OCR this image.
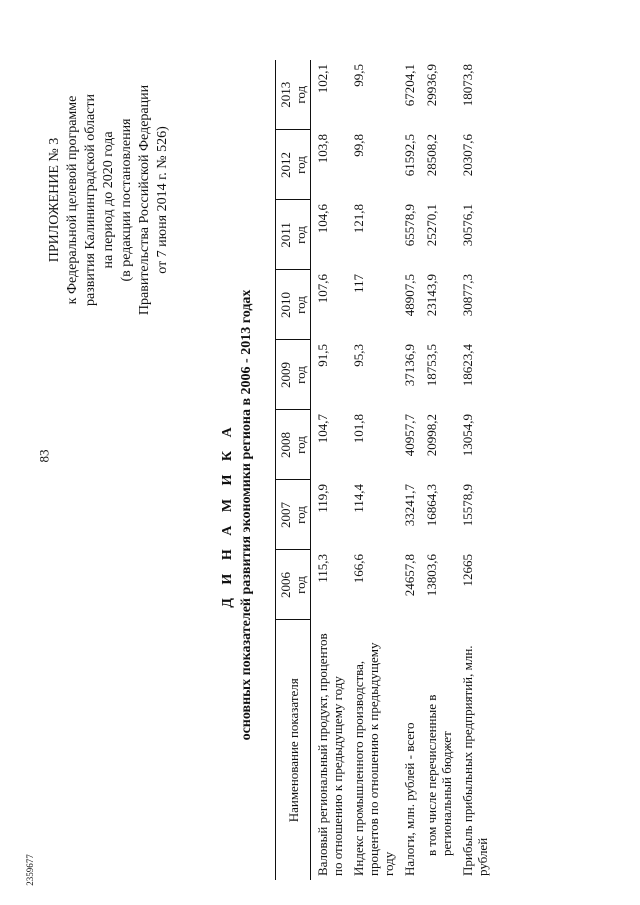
83
2359677
ПРИЛОЖЕНИЕ № 3 к Федеральной целевой программе развития Калининградской области на период до 2020 года (в редакции постановления Правительства Российской Федерации от 7 июня 2014 г. № 526)
Д И Н А М И К А основных показателей развития экономики региона в 2006 - 2013 годах
Наименование показателя	2006 год	2007 год	2008 год	2009 год	2010 год	2011 год	2012 год	2013 год

Валовый региональный продукт, процентов по отношению к предыдущему году	115,3	119,9	104,7	91,5	107,6	104,6	103,8	102,1
Индекс промышленного производства, процентов по отношению к предыдущему году	166,6	114,4	101,8	95,3	117	121,8	99,8	99,5
Налоги, млн. рублей - всего	24657,8	33241,7	40957,7	37136,9	48907,5	65578,9	61592,5	67204,1
в том числе перечисленные в региональный бюджет	13803,6	16864,3	20998,2	18753,5	23143,9	25270,1	28508,2	29936,9
Прибыль прибыльных предприятий, млн. рублей	12665	15578,9	13054,9	18623,4	30877,3	30576,1	20307,6	18073,8
